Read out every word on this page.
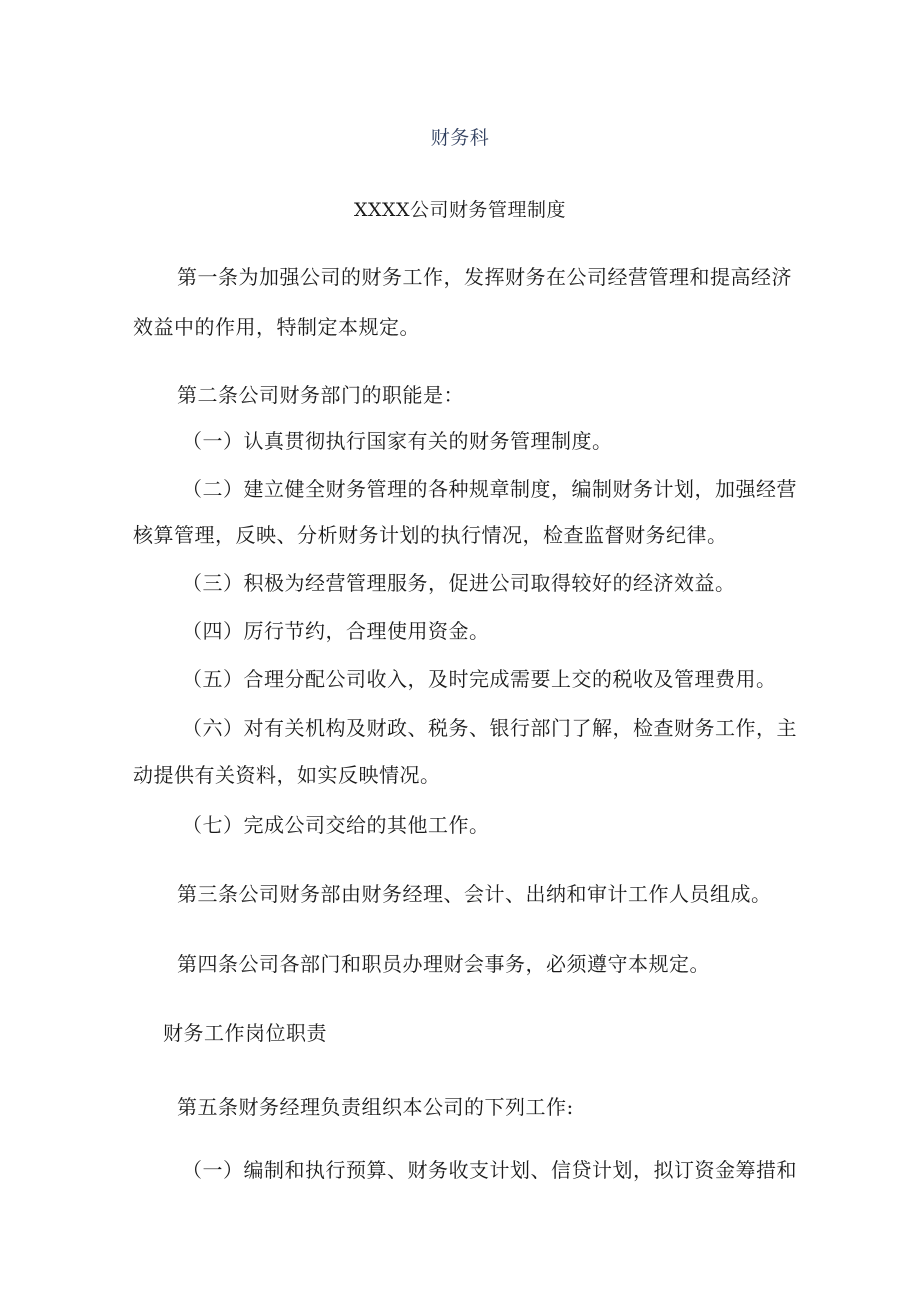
财务科
XXXX公司财务管理制度
第一条为加强公司的财务工作，发挥财务在公司经营管理和提高经济
效益中的作用，特制定本规定。
第二条公司财务部门的职能是：
（一）认真贯彻执行国家有关的财务管理制度。
（二）建立健全财务管理的各种规章制度，编制财务计划，加强经营
核算管理，反映、分析财务计划的执行情况，检查监督财务纪律。
（三）积极为经营管理服务，促进公司取得较好的经济效益。
（四）厉行节约，合理使用资金。
（五）合理分配公司收入，及时完成需要上交的税收及管理费用。
（六）对有关机构及财政、税务、银行部门了解，检查财务工作，主
动提供有关资料，如实反映情况。
（七）完成公司交给的其他工作。
第三条公司财务部由财务经理、会计、出纳和审计工作人员组成。
第四条公司各部门和职员办理财会事务，必须遵守本规定。
财务工作岗位职责
第五条财务经理负责组织本公司的下列工作:
（一）编制和执行预算、财务收支计划、信贷计划，拟订资金筹措和
